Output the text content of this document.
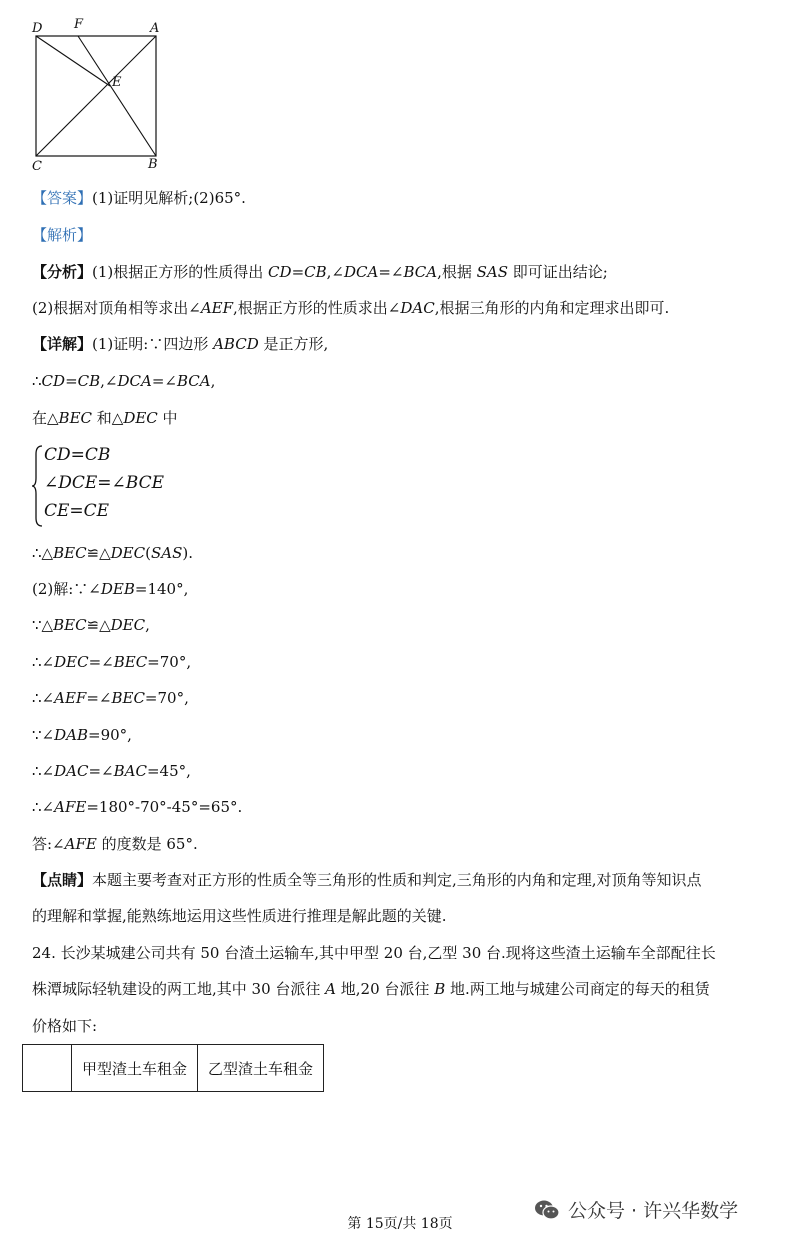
D F	A
E
C	B
【答案】(1)证明见解析;(2)65°.
【解析】
【分析】(1)根据正方形的性质得出 CD=CB,∠DCA=∠BCA,根据 SAS 即可证出结论;
(2)根据对顶角相等求出∠AEF,根据正方形的性质求出∠DAC,根据三角形的内角和定理求出即可.
【详解】(1)证明:∵四边形 ABCD 是正方形,
∴CD=CB,∠DCA=∠BCA,
在△BEC 和△DEC 中
CD=CB
∠DCE=∠BCE
CE=CE
∴△BEC≌△DEC(SAS).
(2)解:∵∠DEB=140°,
∵△BEC≌△DEC,
∴∠DEC=∠BEC=70°,
∴∠AEF=∠BEC=70°,
∵∠DAB=90°,
∴∠DAC=∠BAC=45°,
∴∠AFE=180°-70°-45°=65°.
答:∠AFE 的度数是 65°.
【点睛】本题主要考查对正方形的性质全等三角形的性质和判定,三角形的内角和定理,对顶角等知识点
的理解和掌握,能熟练地运用这些性质进行推理是解此题的关键.
24. 长沙某城建公司共有 50 台渣土运输车,其中甲型 20 台,乙型 30 台.现将这些渣土运输车全部配往长
株潭城际轻轨建设的两工地,其中 30 台派往 A 地,20 台派往 B 地.两工地与城建公司商定的每天的租赁
价格如下:
	甲型渣土车租金	乙型渣土车租金
公众号 · 许兴华数学
第 15页/共 18页
